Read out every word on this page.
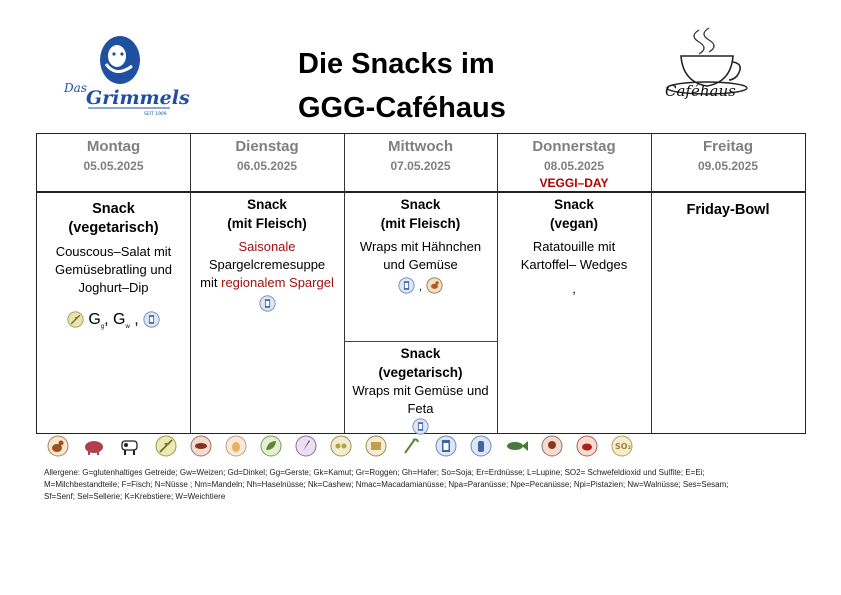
Das Grimmels
SEIT 1909
Die Snacks im
GGG-Caféhaus
Caféhaus
Montag
05.05.2025
Snack
(vegetarisch)
Couscous–Salat mit
Gemüsebratling und
Joghurt–Dip
$G_g$, $G_w$ ,
Dienstag
06.05.2025
Snack
(mit Fleisch)
Saisonale
Spargelcremesuppe
mit regionalem Spargel
Mittwoch
07.05.2025
Snack
(mit Fleisch)
Wraps mit Hähnchen
und Gemüse
,
Snack
(vegetarisch)
Wraps mit Gemüse und
Feta
Donnerstag
08.05.2025
VEGGI–DAY
Snack
(vegan)
Ratatouille mit
Kartoffel– Wedges
,
Freitag
09.05.2025
Friday-Bowl
SO₂
Allergene: G=glutenhaltiges Getreide; Gw=Weizen; Gd=Dinkel; Gg=Gerste; Gk=Kamut; Gr=Roggen; Gh=Hafer; So=Soja; Er=Erdnüsse; L=Lupine; SO2= Schwefeldioxid und Sulfite; E=Ei;
M=Milchbestandteile; F=Fisch; N=Nüsse ; Nm=Mandeln; Nh=Haselnüsse; Nk=Cashew; Nmac=Macadamianüsse; Npa=Paranüsse; Npe=Pecanüsse; Npi=Pistazien; Nw=Walnüsse; Ses=Sesam;
Sf=Senf; Sel=Sellerie; K=Krebstiere; W=Weichtiere
